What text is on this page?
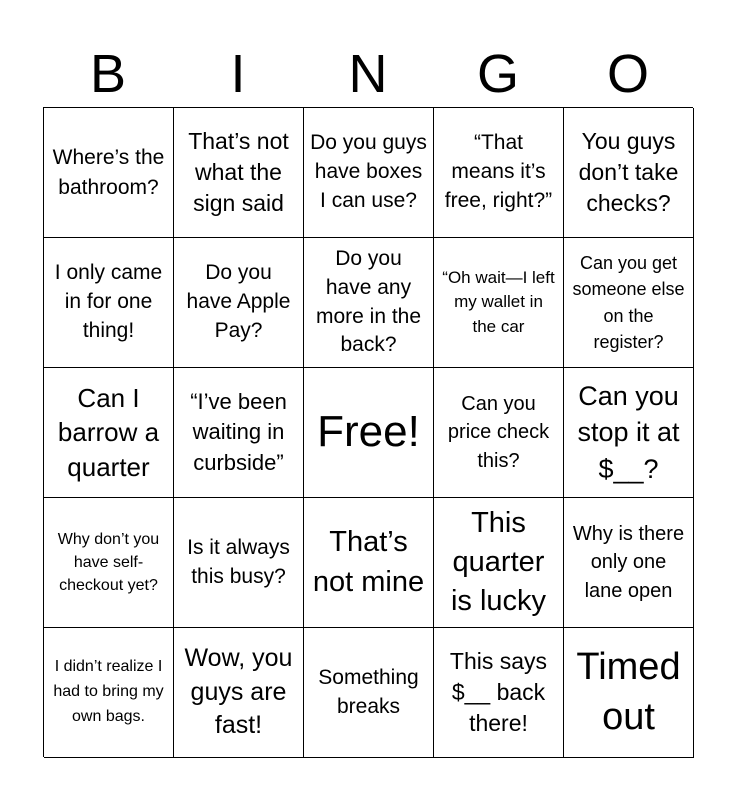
B	I	N	G	O
Where’s the bathroom?
That’s not what the sign said
Do you guys have boxes I can use?
“That means it’s free, right?”
You guys don’t take checks?
I only came in for one thing!
Do you have Apple Pay?
Do you have any more in the back?
“Oh wait—I left my wallet in the car
Can you get someone else on the register?
Can I barrow a quarter
“I’ve been waiting in curbside”
Free!
Can you price check this?
Can you stop it at $__?
Why don’t you have self-checkout yet?
Is it always this busy?
That’s not mine
This quarter is lucky
Why is there only one lane open
I didn’t realize I had to bring my own bags.
Wow, you guys are fast!
Something breaks
This says $__ back there!
Timed out
